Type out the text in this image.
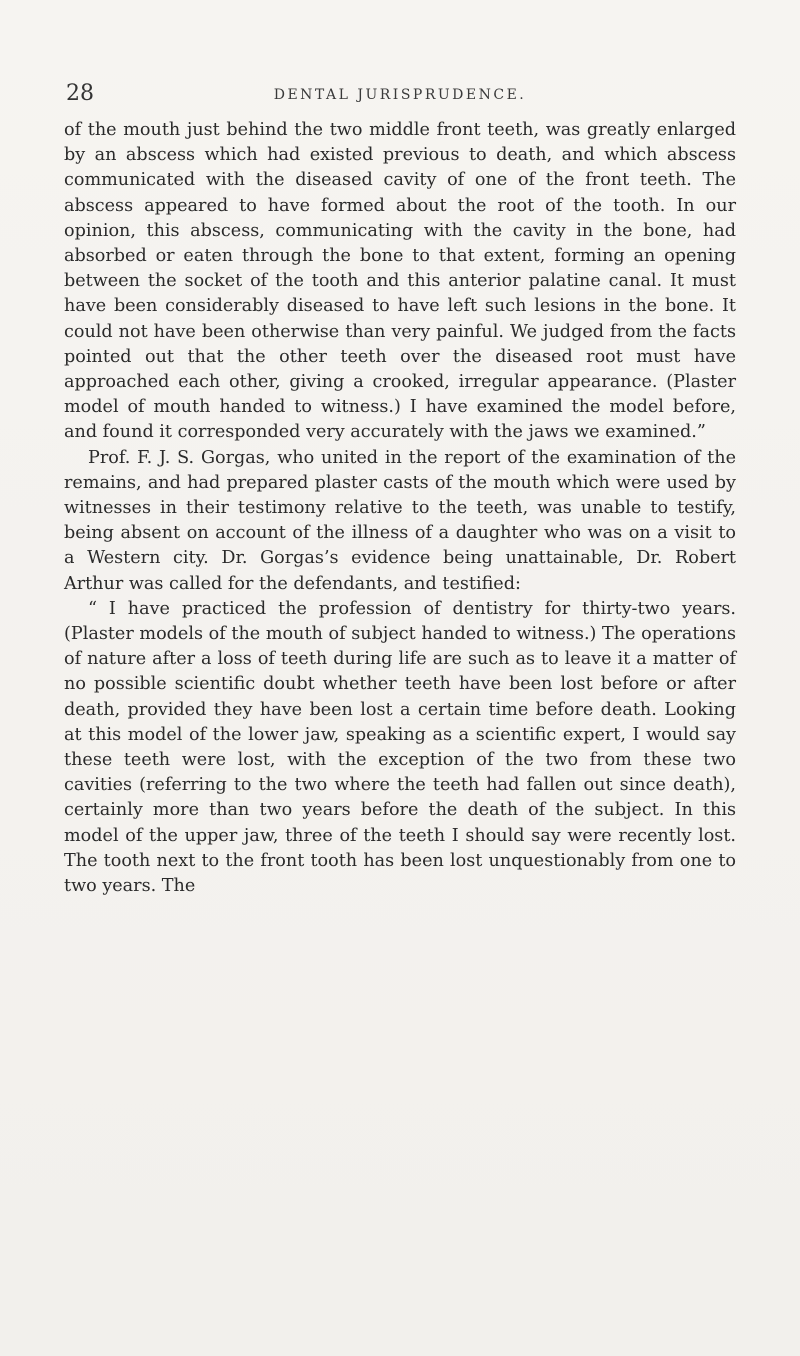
28	DENTAL JURISPRUDENCE.

of the mouth just behind the two middle front teeth, was greatly enlarged by an abscess which had existed previous to death, and which abscess communicated with the diseased cavity of one of the front teeth. The abscess appeared to have formed about the root of the tooth. In our opinion, this abscess, communicating with the cavity in the bone, had absorbed or eaten through the bone to that extent, forming an opening between the socket of the tooth and this anterior palatine canal. It must have been considerably diseased to have left such lesions in the bone. It could not have been otherwise than very painful. We judged from the facts pointed out that the other teeth over the diseased root must have approached each other, giving a crooked, irregular appearance. (Plaster model of mouth handed to witness.) I have examined the model before, and found it corresponded very accurately with the jaws we examined.”

Prof. F. J. S. Gorgas, who united in the report of the examination of the remains, and had prepared plaster casts of the mouth which were used by witnesses in their testimony relative to the teeth, was unable to testify, being absent on account of the illness of a daughter who was on a visit to a Western city. Dr. Gorgas’s evidence being unattainable, Dr. Robert Arthur was called for the defendants, and testified:

“ I have practiced the profession of dentistry for thirty-two years. (Plaster models of the mouth of subject handed to witness.) The operations of nature after a loss of teeth during life are such as to leave it a matter of no possible scientific doubt whether teeth have been lost before or after death, provided they have been lost a certain time before death. Looking at this model of the lower jaw, speaking as a scientific expert, I would say these teeth were lost, with the exception of the two from these two cavities (referring to the two where the teeth had fallen out since death), certainly more than two years before the death of the subject. In this model of the upper jaw, three of the teeth I should say were recently lost. The tooth next to the front tooth has been lost unquestionably from one to two years. The
